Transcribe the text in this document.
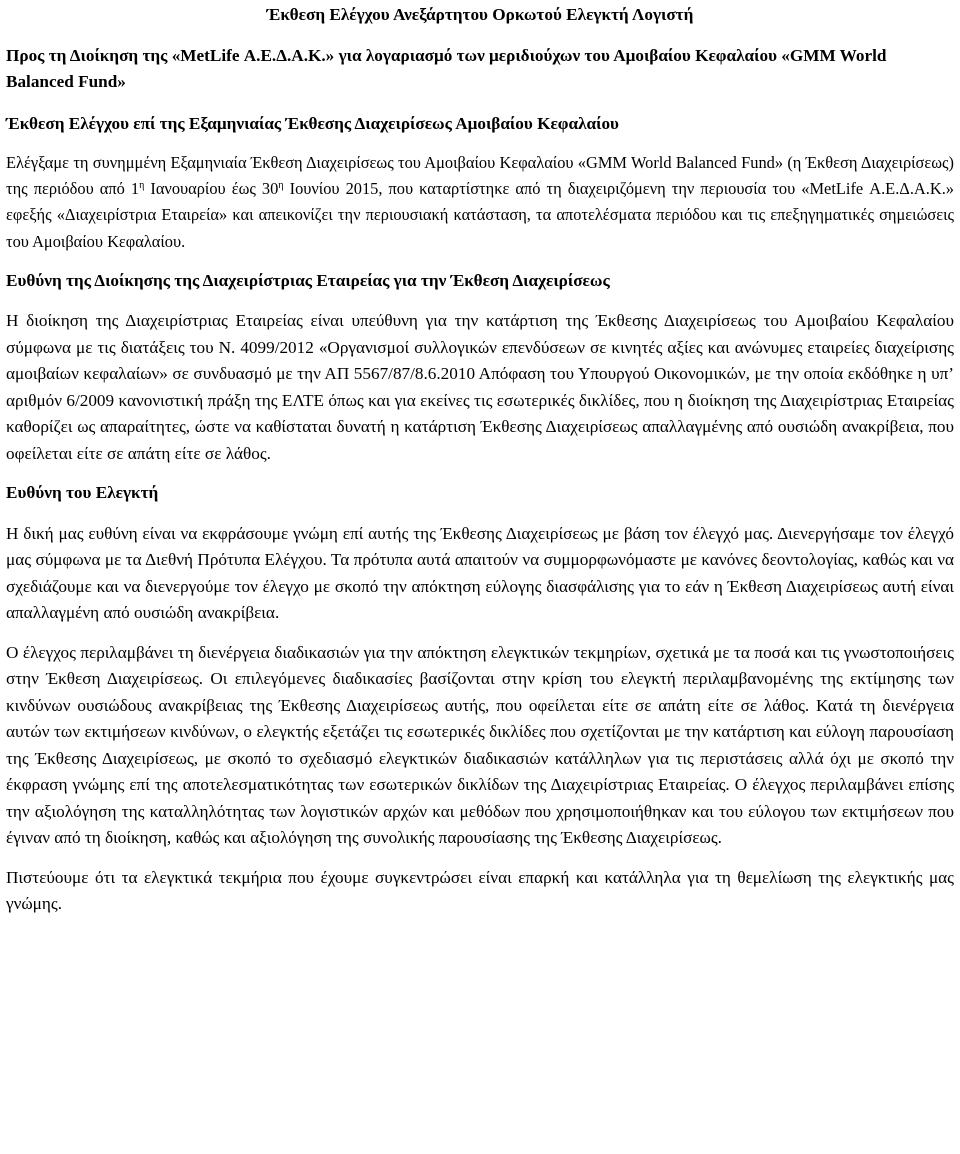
Έκθεση Ελέγχου Ανεξάρτητου Ορκωτού Ελεγκτή Λογιστή
Προς τη Διοίκηση της «MetLife Α.Ε.Δ.Α.Κ.» για λογαριασμό των μεριδιούχων του Αμοιβαίου Κεφαλαίου «GMM World Balanced Fund»
Έκθεση Ελέγχου επί της Εξαμηνιαίας Έκθεσης Διαχειρίσεως Αμοιβαίου Κεφαλαίου
Ελέγξαμε τη συνημμένη Εξαμηνιαία Έκθεση Διαχειρίσεως του Αμοιβαίου Κεφαλαίου «GMM World Balanced Fund» (η Έκθεση Διαχειρίσεως) της περιόδου από $1^\eta$ Ιανουαρίου έως $30^\eta$ Ιουνίου 2015, που καταρτίστηκε από τη διαχειριζόμενη την περιουσία του «MetLife Α.Ε.Δ.Α.Κ.» εφεξής «Διαχειρίστρια Εταιρεία» και απεικονίζει την περιουσιακή κατάσταση, τα αποτελέσματα περιόδου και τις επεξηγηματικές σημειώσεις του Αμοιβαίου Κεφαλαίου.
Ευθύνη της Διοίκησης της Διαχειρίστριας Εταιρείας για την Έκθεση Διαχειρίσεως
Η διοίκηση της Διαχειρίστριας Εταιρείας είναι υπεύθυνη για την κατάρτιση της Έκθεσης Διαχειρίσεως του Αμοιβαίου Κεφαλαίου σύμφωνα με τις διατάξεις του Ν. 4099/2012 «Οργανισμοί συλλογικών επενδύσεων σε κινητές αξίες και ανώνυμες εταιρείες διαχείρισης αμοιβαίων κεφαλαίων» σε συνδυασμό με την ΑΠ 5567/87/8.6.2010 Απόφαση του Υπουργού Οικονομικών, με την οποία εκδόθηκε η υπ’ αριθμόν 6/2009 κανονιστική πράξη της ΕΛΤΕ όπως και για εκείνες τις εσωτερικές δικλίδες, που η διοίκηση της Διαχειρίστριας Εταιρείας καθορίζει ως απαραίτητες, ώστε να καθίσταται δυνατή η κατάρτιση Έκθεσης Διαχειρίσεως απαλλαγμένης από ουσιώδη ανακρίβεια, που οφείλεται είτε σε απάτη είτε σε λάθος.
Ευθύνη του Ελεγκτή
Η δική μας ευθύνη είναι να εκφράσουμε γνώμη επί αυτής της Έκθεσης Διαχειρίσεως με βάση τον έλεγχό μας. Διενεργήσαμε τον έλεγχό μας σύμφωνα με τα Διεθνή Πρότυπα Ελέγχου. Τα πρότυπα αυτά απαιτούν να συμμορφωνόμαστε με κανόνες δεοντολογίας, καθώς και να σχεδιάζουμε και να διενεργούμε τον έλεγχο με σκοπό την απόκτηση εύλογης διασφάλισης για το εάν η Έκθεση Διαχειρίσεως αυτή είναι απαλλαγμένη από ουσιώδη ανακρίβεια.
Ο έλεγχος περιλαμβάνει τη διενέργεια διαδικασιών για την απόκτηση ελεγκτικών τεκμηρίων, σχετικά με τα ποσά και τις γνωστοποιήσεις στην Έκθεση Διαχειρίσεως. Οι επιλεγόμενες διαδικασίες βασίζονται στην κρίση του ελεγκτή περιλαμβανομένης της εκτίμησης των κινδύνων ουσιώδους ανακρίβειας της Έκθεσης Διαχειρίσεως αυτής, που οφείλεται είτε σε απάτη είτε σε λάθος. Κατά τη διενέργεια αυτών των εκτιμήσεων κινδύνων, ο ελεγκτής εξετάζει τις εσωτερικές δικλίδες που σχετίζονται με την κατάρτιση και εύλογη παρουσίαση της Έκθεσης Διαχειρίσεως, με σκοπό το σχεδιασμό ελεγκτικών διαδικασιών κατάλληλων για τις περιστάσεις αλλά όχι με σκοπό την έκφραση γνώμης επί της αποτελεσματικότητας των εσωτερικών δικλίδων της Διαχειρίστριας Εταιρείας. Ο έλεγχος περιλαμβάνει επίσης την αξιολόγηση της καταλληλότητας των λογιστικών αρχών και μεθόδων που χρησιμοποιήθηκαν και του εύλογου των εκτιμήσεων που έγιναν από τη διοίκηση, καθώς και αξιολόγηση της συνολικής παρουσίασης της Έκθεσης Διαχειρίσεως.
Πιστεύουμε ότι τα ελεγκτικά τεκμήρια που έχουμε συγκεντρώσει είναι επαρκή και κατάλληλα για τη θεμελίωση της ελεγκτικής μας γνώμης.
